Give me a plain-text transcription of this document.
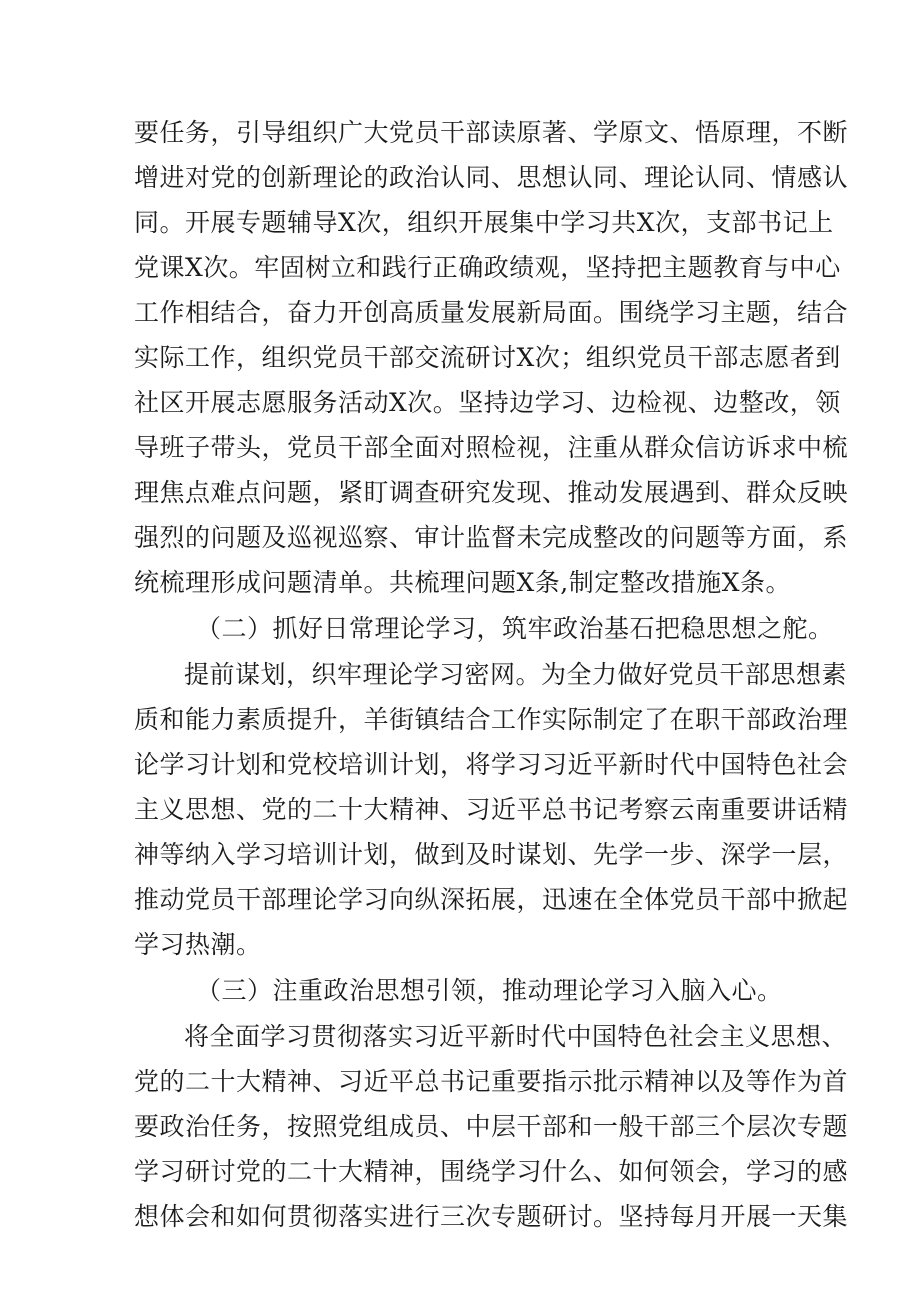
要任务，引导组织广大党员干部读原著、学原文、悟原理，不断
增进对党的创新理论的政治认同、思想认同、理论认同、情感认
同。开展专题辅导X次，组织开展集中学习共X次，支部书记上
党课X次。牢固树立和践行正确政绩观，坚持把主题教育与中心
工作相结合，奋力开创高质量发展新局面。围绕学习主题，结合
实际工作，组织党员干部交流研讨X次；组织党员干部志愿者到
社区开展志愿服务活动X次。坚持边学习、边检视、边整改，领
导班子带头，党员干部全面对照检视，注重从群众信访诉求中梳
理焦点难点问题，紧盯调查研究发现、推动发展遇到、群众反映
强烈的问题及巡视巡察、审计监督未完成整改的问题等方面，系
统梳理形成问题清单。共梳理问题X条,制定整改措施X条。
（二）抓好日常理论学习，筑牢政治基石把稳思想之舵。
提前谋划，织牢理论学习密网。为全力做好党员干部思想素
质和能力素质提升，羊街镇结合工作实际制定了在职干部政治理
论学习计划和党校培训计划，将学习习近平新时代中国特色社会
主义思想、党的二十大精神、习近平总书记考察云南重要讲话精
神等纳入学习培训计划，做到及时谋划、先学一步、深学一层，
推动党员干部理论学习向纵深拓展，迅速在全体党员干部中掀起
学习热潮。
（三）注重政治思想引领，推动理论学习入脑入心。
将全面学习贯彻落实习近平新时代中国特色社会主义思想、
党的二十大精神、习近平总书记重要指示批示精神以及等作为首
要政治任务，按照党组成员、中层干部和一般干部三个层次专题
学习研讨党的二十大精神，围绕学习什么、如何领会，学习的感
想体会和如何贯彻落实进行三次专题研讨。坚持每月开展一天集
